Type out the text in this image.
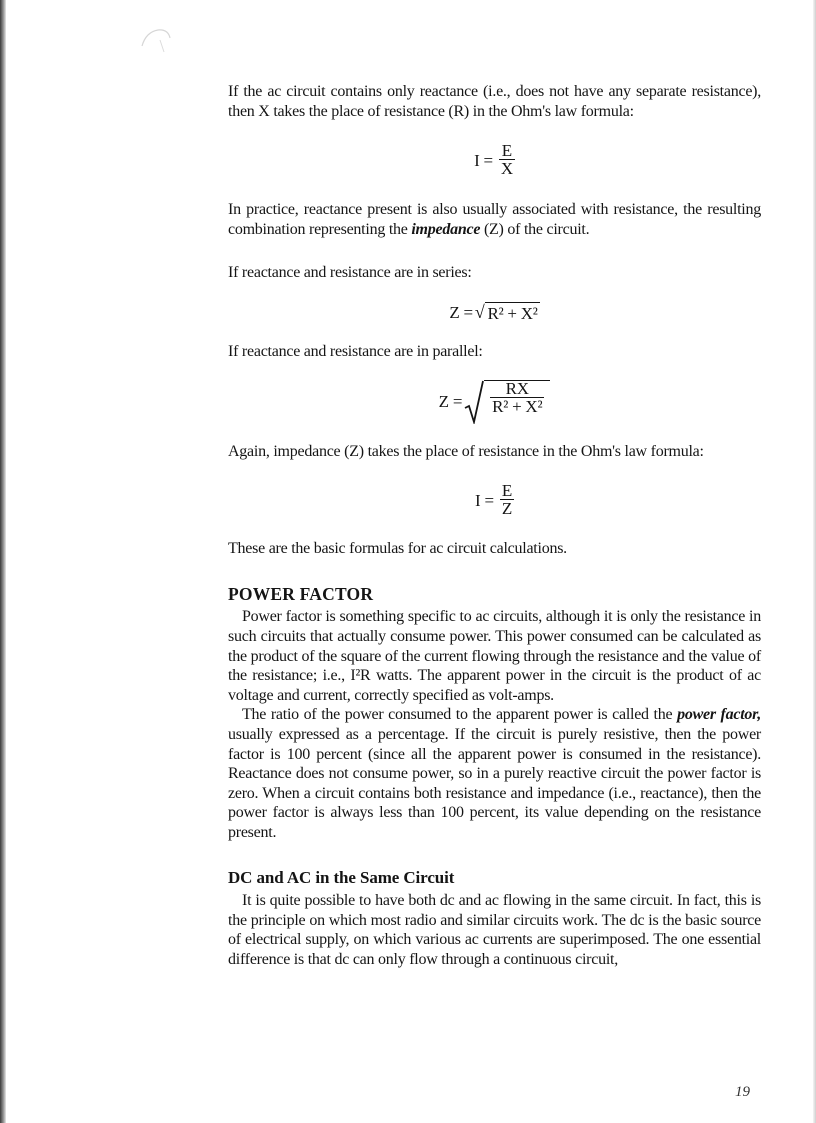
If the ac circuit contains only reactance (i.e., does not have any separate resistance), then X takes the place of resistance (R) in the Ohm's law formula:

$I = \frac{E}{X}$

In practice, reactance present is also usually associated with resistance, the resulting combination representing the impedance (Z) of the circuit.

If reactance and resistance are in series:

Z = √ R² + X²

If reactance and resistance are in parallel:

$Z = \frac{RX}{\text{R² + X²}}$

Again, impedance (Z) takes the place of resistance in the Ohm's law formula:

$I = \frac{E}{Z}$

These are the basic formulas for ac circuit calculations.

POWER FACTOR

Power factor is something specific to ac circuits, although it is only the resistance in such circuits that actually consume power. This power consumed can be calculated as the product of the square of the current flowing through the resistance and the value of the resistance; i.e., I²R watts. The apparent power in the circuit is the product of ac voltage and current, correctly specified as volt-amps.

The ratio of the power consumed to the apparent power is called the power factor, usually expressed as a percentage. If the circuit is purely resistive, then the power factor is 100 percent (since all the apparent power is consumed in the resistance). Reactance does not consume power, so in a purely reactive circuit the power factor is zero. When a circuit contains both resistance and impedance (i.e., reactance), then the power factor is always less than 100 percent, its value depending on the resistance present.

DC and AC in the Same Circuit

It is quite possible to have both dc and ac flowing in the same circuit. In fact, this is the principle on which most radio and similar circuits work. The dc is the basic source of electrical supply, on which various ac currents are superimposed. The one essential difference is that dc can only flow through a continuous circuit,

19
